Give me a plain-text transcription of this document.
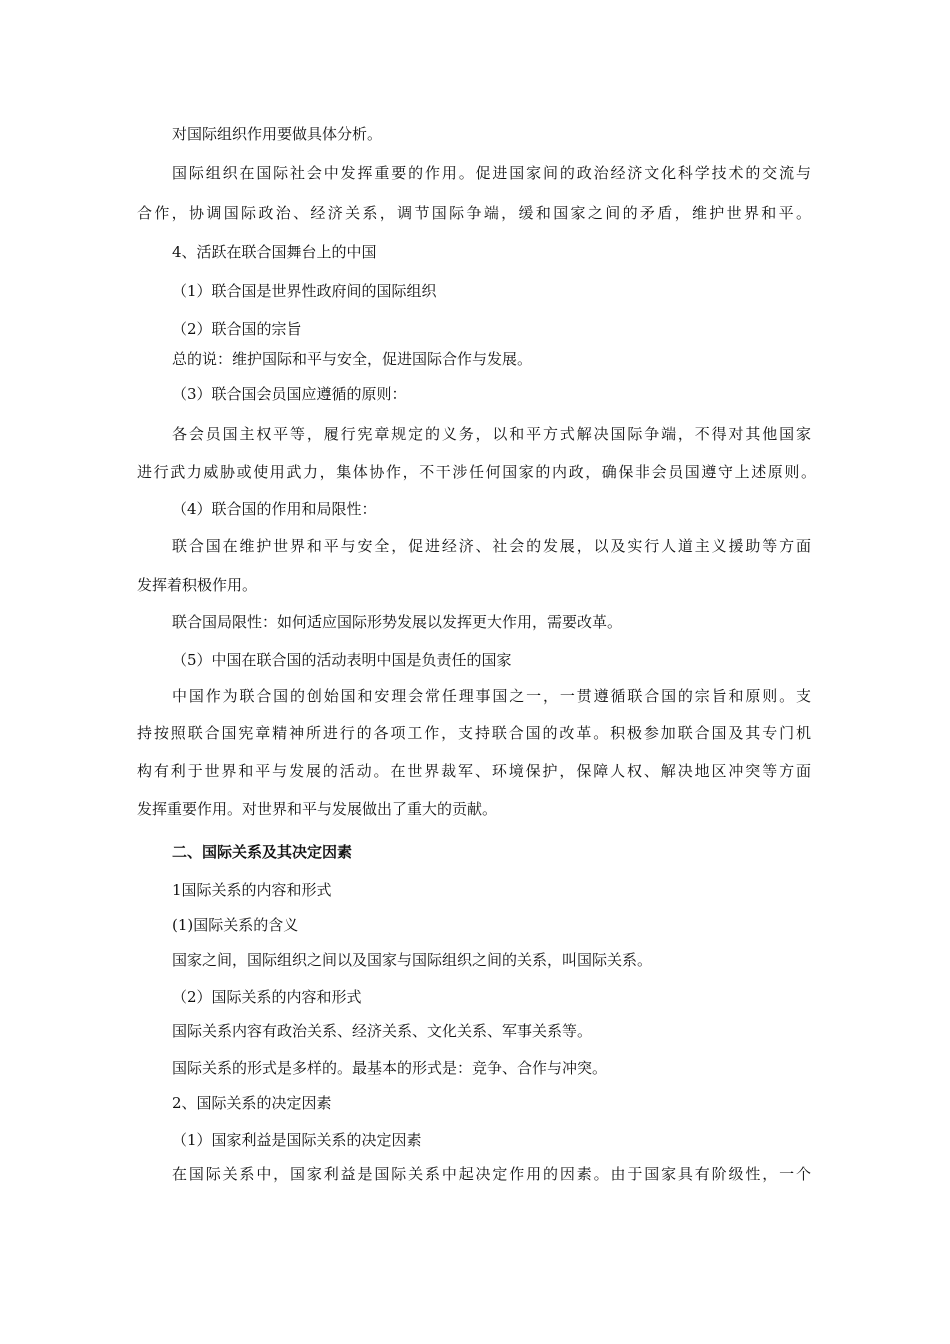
对国际组织作用要做具体分析。
国际组织在国际社会中发挥重要的作用。促进国家间的政治经济文化科学技术的交流与
合作，协调国际政治、经济关系，调节国际争端，缓和国家之间的矛盾，维护世界和平。
4、活跃在联合国舞台上的中国
（1）联合国是世界性政府间的国际组织
（2）联合国的宗旨
总的说：维护国际和平与安全，促进国际合作与发展。
（3）联合国会员国应遵循的原则：
各会员国主权平等，履行宪章规定的义务，以和平方式解决国际争端，不得对其他国家
进行武力威胁或使用武力，集体协作，不干涉任何国家的内政，确保非会员国遵守上述原则。
（4）联合国的作用和局限性：
联合国在维护世界和平与安全，促进经济、社会的发展，以及实行人道主义援助等方面
发挥着积极作用。
联合国局限性：如何适应国际形势发展以发挥更大作用，需要改革。
（5）中国在联合国的活动表明中国是负责任的国家
中国作为联合国的创始国和安理会常任理事国之一，一贯遵循联合国的宗旨和原则。支
持按照联合国宪章精神所进行的各项工作，支持联合国的改革。积极参加联合国及其专门机
构有利于世界和平与发展的活动。在世界裁军、环境保护，保障人权、解决地区冲突等方面
发挥重要作用。对世界和平与发展做出了重大的贡献。
二、国际关系及其决定因素
1国际关系的内容和形式
(1)国际关系的含义
国家之间，国际组织之间以及国家与国际组织之间的关系，叫国际关系。
（2）国际关系的内容和形式
国际关系内容有政治关系、经济关系、文化关系、军事关系等。
国际关系的形式是多样的。最基本的形式是：竞争、合作与冲突。
2、国际关系的决定因素
（1）国家利益是国际关系的决定因素
在国际关系中，国家利益是国际关系中起决定作用的因素。由于国家具有阶级性，一个
